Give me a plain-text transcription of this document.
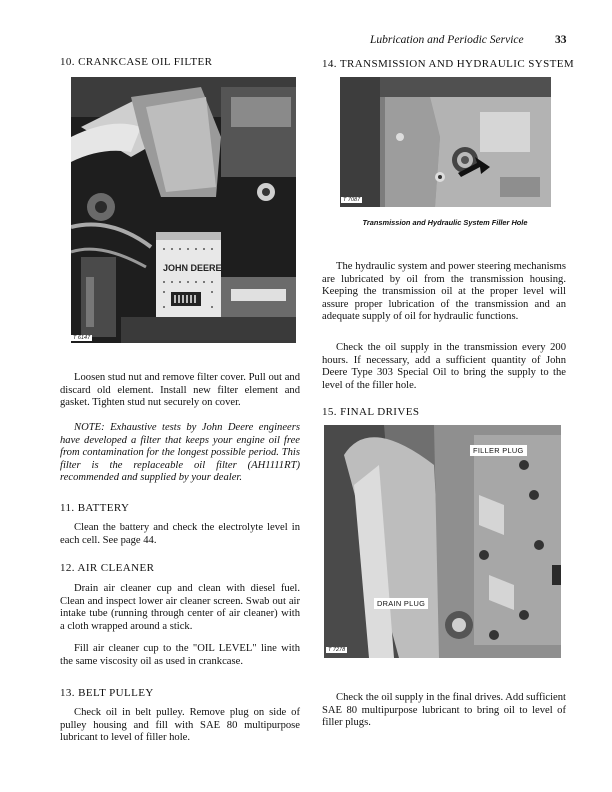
Lubrication and Periodic Service	33
10. CRANKCASE OIL FILTER
JOHN DEERE
T 6147
Loosen stud nut and remove filter cover. Pull out and discard old element. Install new filter element and gasket. Tighten stud nut securely on cover.
NOTE: Exhaustive tests by John Deere engineers have developed a filter that keeps your engine oil free from contamination for the longest possible period. This filter is the replaceable oil filter (AH1111RT) recommended and supplied by your dealer.
11. BATTERY
Clean the battery and check the electrolyte level in each cell. See page 44.
12. AIR CLEANER
Drain air cleaner cup and clean with diesel fuel. Clean and inspect lower air cleaner screen. Swab out air intake tube (running through center of air cleaner) with a cloth wrapped around a stick.
Fill air cleaner cup to the "OIL LEVEL" line with the same viscosity oil as used in crankcase.
13. BELT PULLEY
Check oil in belt pulley. Remove plug on side of pulley housing and fill with SAE 80 multipurpose lubricant to level of filler hole.
14. TRANSMISSION AND HYDRAULIC SYSTEM
T 7087
Transmission and Hydraulic System Filler Hole
The hydraulic system and power steering mechanisms are lubricated by oil from the transmission housing. Keeping the transmission oil at the proper level will assure proper lubrication of the transmission and an adequate supply of oil for hydraulic functions.
Check the oil supply in the transmission every 200 hours. If necessary, add a sufficient quantity of John Deere Type 303 Special Oil to bring the supply to the level of the filler hole.
15. FINAL DRIVES
FILLER PLUG
DRAIN PLUG
T 7278
Check the oil supply in the final drives. Add sufficient SAE 80 multipurpose lubricant to bring oil to level of filler plugs.
